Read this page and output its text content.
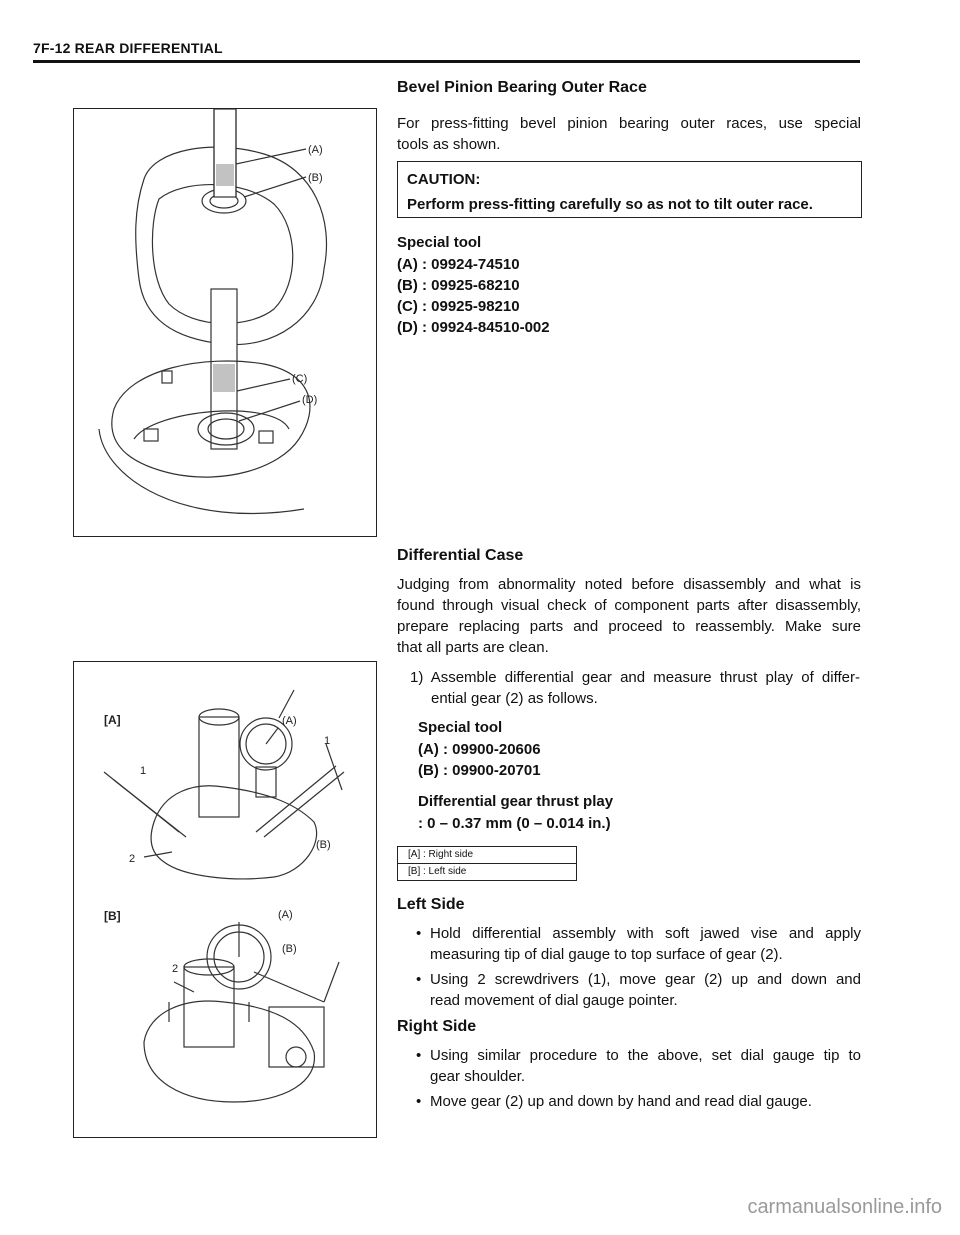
7F-12 REAR DIFFERENTIAL
(A)
(B)
(C)
(D)
Bevel Pinion Bearing Outer Race
For press-fitting bevel pinion bearing outer races, use special
tools as shown.
CAUTION:
Perform press-fitting carefully so as not to tilt outer race.
Special tool
(A) : 09924-74510
(B) : 09925-68210
(C) : 09925-98210
(D) : 09924-84510-002
Differential Case
Judging from abnormality noted before disassembly and what is
found through visual check of component parts after disassembly,
prepare replacing parts and proceed to reassembly. Make sure
that all parts are clean.
1) Assemble differential gear and measure thrust play of differ-
ential gear (2) as follows.
Special tool
(A) : 09900-20606
(B) : 09900-20701
Differential gear thrust play
: 0 – 0.37 mm (0 – 0.014 in.)
[A] : Right side
[B] : Left side
[A]	(A)
1
1
2
(B)
[B]	(A)
(B)
2
Left Side
• Hold differential assembly with soft jawed vise and apply
measuring tip of dial gauge to top surface of gear (2).
• Using 2 screwdrivers (1), move gear (2) up and down and
read movement of dial gauge pointer.
Right Side
• Using similar procedure to the above, set dial gauge tip to
gear shoulder.
• Move gear (2) up and down by hand and read dial gauge.
carmanualsonline.info
